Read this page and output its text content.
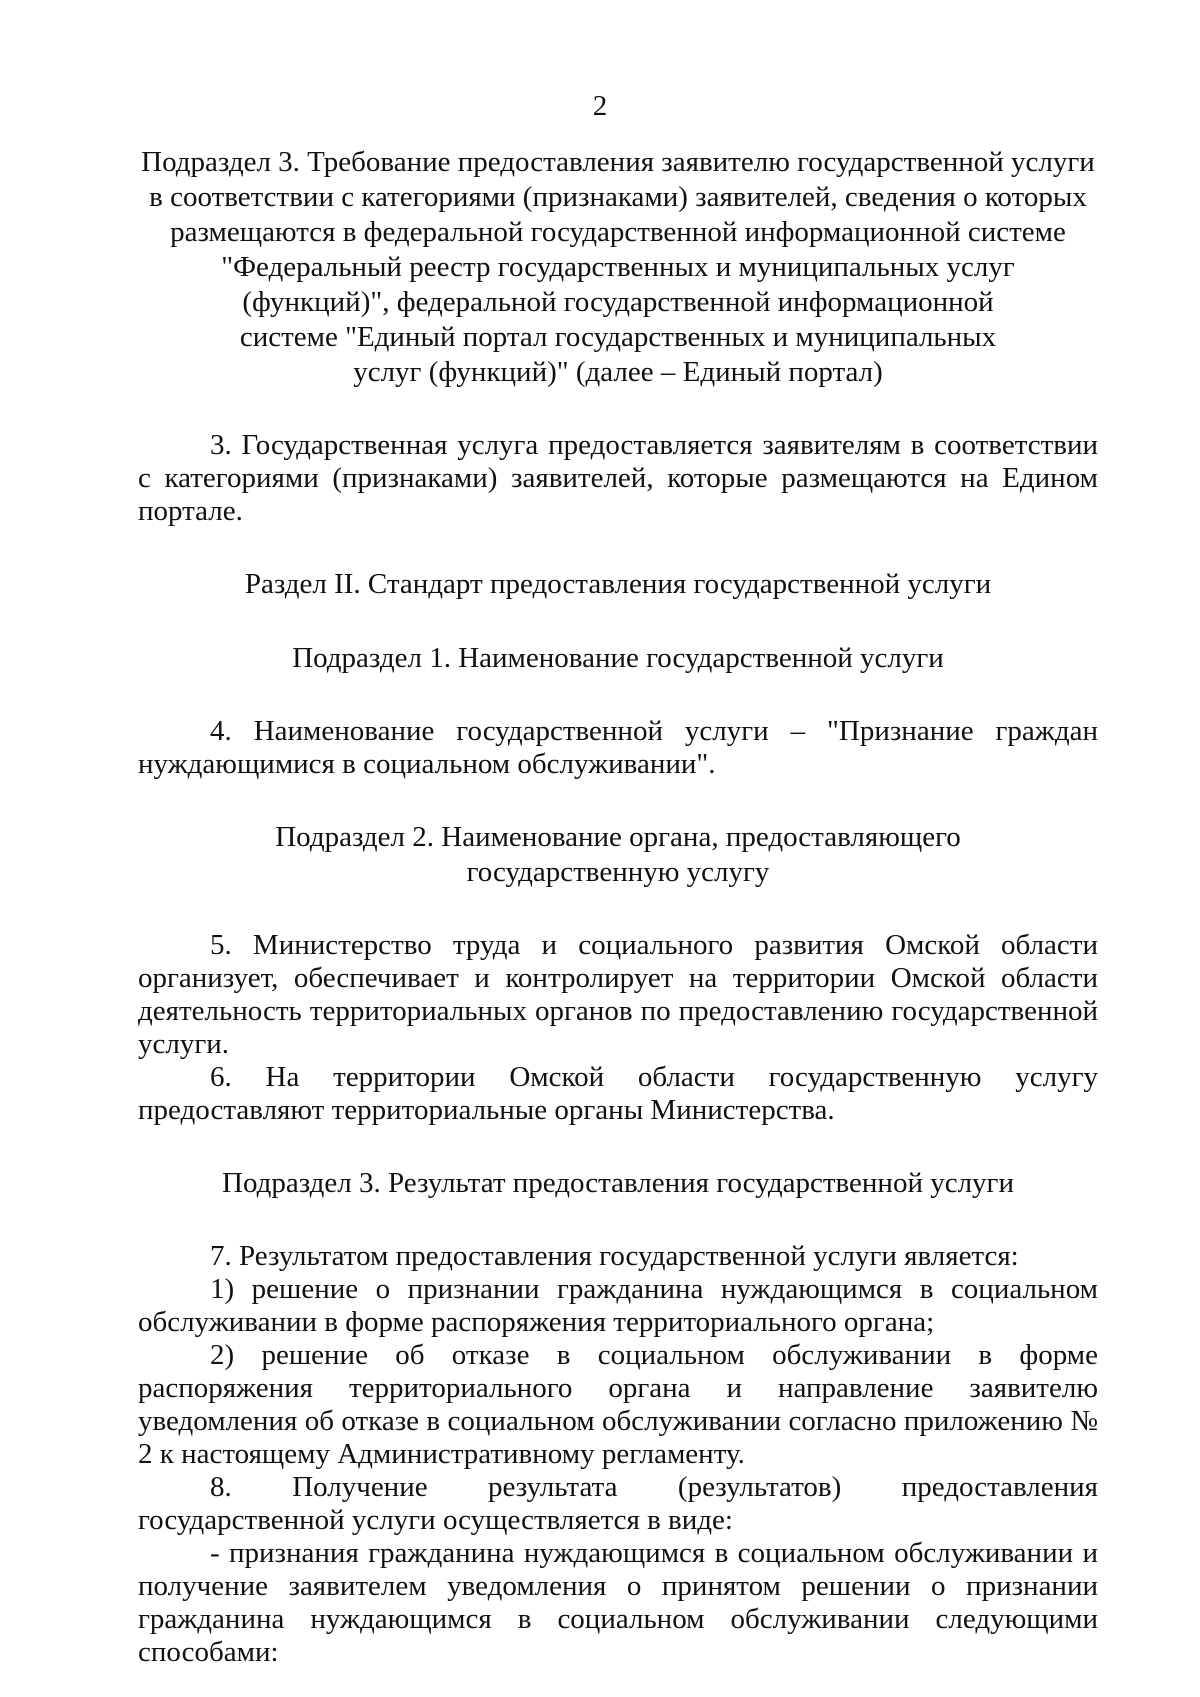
2
Подраздел 3. Требование предоставления заявителю государственной услуги
в соответствии с категориями (признаками) заявителей, сведения о которых
размещаются в федеральной государственной информационной системе
"Федеральный реестр государственных и муниципальных услуг
(функций)", федеральной государственной информационной
системе "Единый портал государственных и муниципальных
услуг (функций)" (далее – Единый портал)

3. Государственная услуга предоставляется заявителям в соответствии с категориями (признаками) заявителей, которые размещаются на Едином портале.

Раздел II. Стандарт предоставления государственной услуги

Подраздел 1. Наименование государственной услуги

4. Наименование государственной услуги – "Признание граждан нуждающимися в социальном обслуживании".

Подраздел 2. Наименование органа, предоставляющего
государственную услугу

5. Министерство труда и социального развития Омской области организует, обеспечивает и контролирует на территории Омской области деятельность территориальных органов по предоставлению государственной услуги.

6. На территории Омской области государственную услугу предоставляют территориальные органы Министерства.

Подраздел 3. Результат предоставления государственной услуги

7. Результатом предоставления государственной услуги является:

1) решение о признании гражданина нуждающимся в социальном обслуживании в форме распоряжения территориального органа;

2) решение об отказе в социальном обслуживании в форме распоряжения территориального органа и направление заявителю уведомления об отказе в социальном обслуживании согласно приложению № 2 к настоящему Административному регламенту.

8. Получение результата (результатов) предоставления государственной услуги осуществляется в виде:

- признания гражданина нуждающимся в социальном обслуживании и получение заявителем уведомления о принятом решении о признании гражданина нуждающимся в социальном обслуживании следующими способами:
